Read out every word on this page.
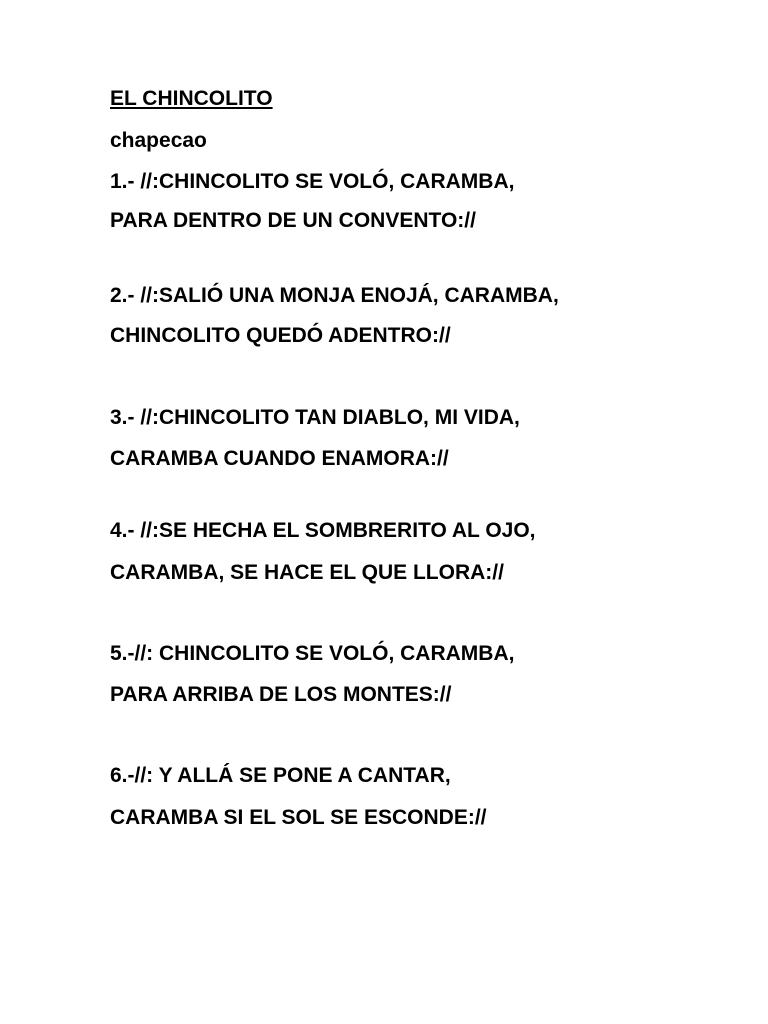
EL CHINCOLITO
chapecao
1.- //:CHINCOLITO SE VOLÓ, CARAMBA,
PARA DENTRO DE UN CONVENTO://
2.- //:SALIÓ UNA MONJA ENOJÁ, CARAMBA,
CHINCOLITO QUEDÓ ADENTRO://
3.- //:CHINCOLITO TAN DIABLO, MI VIDA,
CARAMBA CUANDO ENAMORA://
4.- //:SE HECHA EL SOMBRERITO AL OJO,
CARAMBA, SE HACE EL QUE LLORA://
5.-//: CHINCOLITO SE VOLÓ, CARAMBA,
PARA ARRIBA DE LOS MONTES://
6.-//: Y ALLÁ SE PONE A CANTAR,
CARAMBA SI EL SOL SE ESCONDE://
